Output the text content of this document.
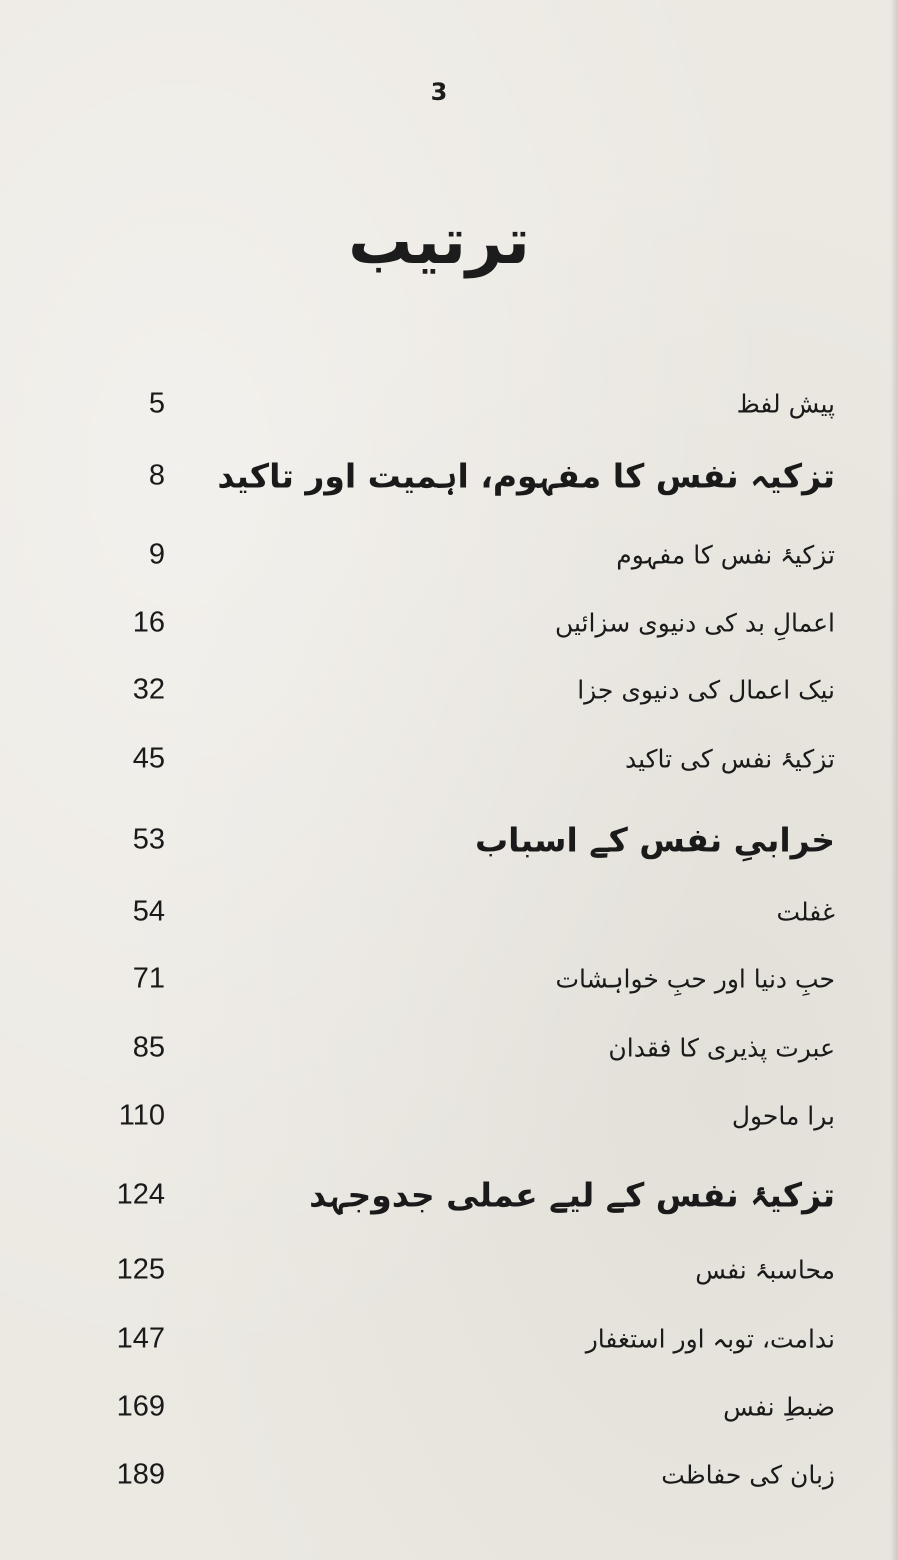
3
ترتیب
5	پیش لفظ
8 تزکیہ نفس کا مفہوم، اہمیت اور تاکید
9	تزکیۂ نفس کا مفہوم
16	اعمالِ بد کی دنیوی سزائیں
32	نیک اعمال کی دنیوی جزا
45	تزکیۂ نفس کی تاکید
53	خرابیِ نفس کے اسباب
54	غفلت
71	حبِ دنیا اور حبِ خواہشات
85	عبرت پذیری کا فقدان
110	برا ماحول
124	تزکیۂ نفس کے لیے عملی جدوجہد
125	محاسبۂ نفس
147	ندامت، توبہ اور استغفار
169	ضبطِ نفس
189	زبان کی حفاظت
